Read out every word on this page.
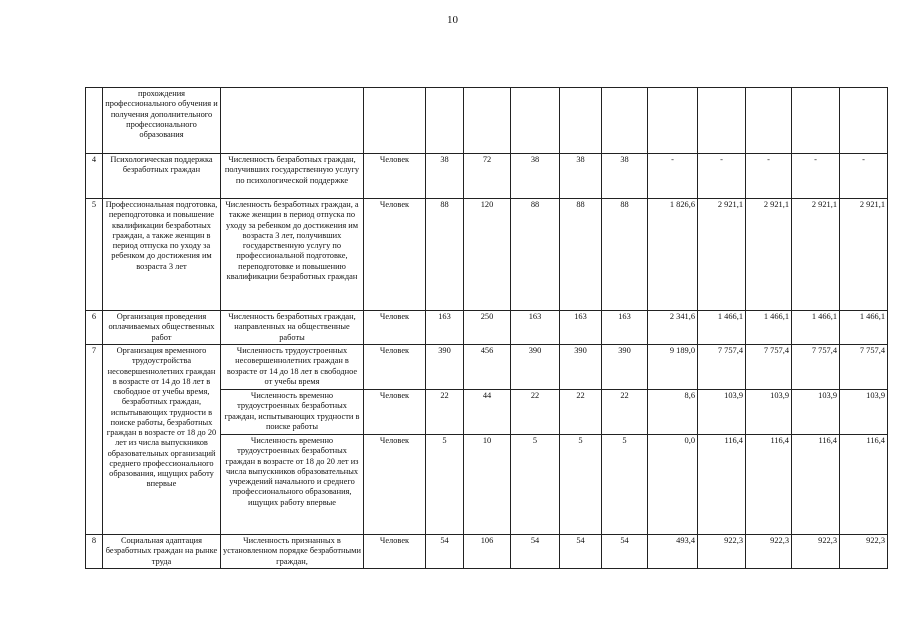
10
	прохождения профессионального обучения и получения дополнительного профессионального образования												
4	Психологическая поддержка безработных граждан	Численность безработных граждан, получивших государственную услугу по психологической поддержке	Человек	38	72	38	38	38	-	-	-	-	-
5	Профессиональная подготовка, переподготовка и повышение квалификации безработных граждан, а также женщин в период отпуска по уходу за ребенком до достижения им возраста 3 лет	Численность безработных граждан, а также женщин в период отпуска по уходу за ребенком до достижения им возраста 3 лет, получивших государственную услугу по профессиональной подготовке, переподготовке и повышению квалификации безработных граждан	Человек	88	120	88	88	88	1 826,6	2 921,1	2 921,1	2 921,1	2 921,1
6	Организация проведения оплачиваемых общественных работ	Численность безработных граждан, направленных на общественные работы	Человек	163	250	163	163	163	2 341,6	1 466,1	1 466,1	1 466,1	1 466,1
7	Организация временного трудоустройства несовершеннолетних граждан в возрасте от 14 до 18 лет в свободное от учебы время, безработных граждан, испытывающих трудности в поиске работы, безработных граждан в возрасте от 18 до 20 лет из числа выпускников образовательных организаций среднего профессионального образования, ищущих работу впервые	Численность трудоустроенных несовершеннолетних граждан в возрасте от 14 до 18 лет в свободное от учебы время	Человек	390	456	390	390	390	9 189,0	7 757,4	7 757,4	7 757,4	7 757,4
		Численность временно трудоустроенных безработных граждан, испытывающих трудности в поиске работы	Человек	22	44	22	22	22	8,6	103,9	103,9	103,9	103,9
		Численность временно трудоустроенных безработных граждан в возрасте от 18 до 20 лет из числа выпускников образовательных учреждений начального и среднего профессионального образования, ищущих работу впервые	Человек	5	10	5	5	5	0,0	116,4	116,4	116,4	116,4
8	Социальная адаптация безработных граждан на рынке труда	Численность признанных в установленном порядке безработными граждан,	Человек	54	106	54	54	54	493,4	922,3	922,3	922,3	922,3
